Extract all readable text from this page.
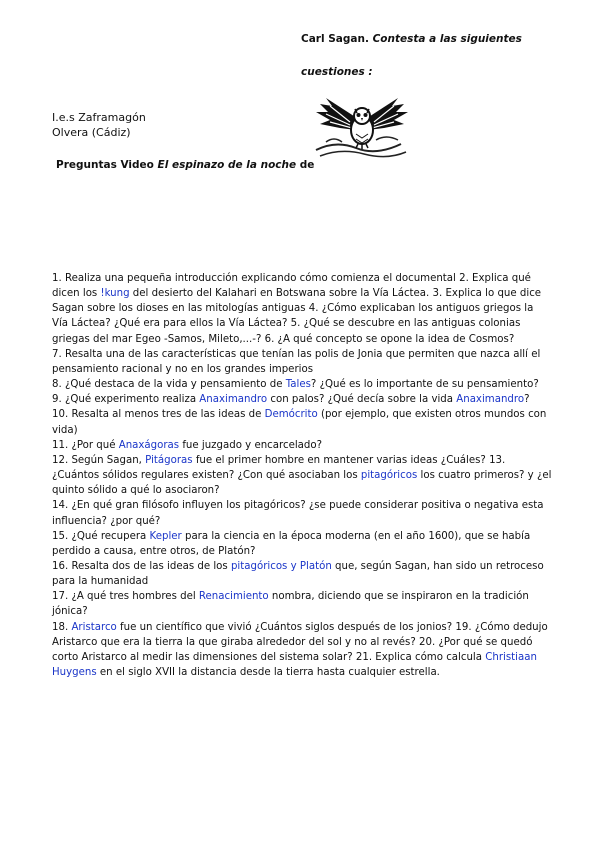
Carl Sagan. Contesta a las siguientes
cuestiones :
I.e.s Zaframagón
Olvera (Cádiz)
Preguntas Video El espinazo de la noche de

1. Realiza una pequeña introducción explicando cómo comienza el documental 2. Explica qué dicen los !kung del desierto del Kalahari en Botswana sobre la Vía Láctea. 3. Explica lo que dice Sagan sobre los dioses en las mitologías antiguas 4. ¿Cómo explicaban los antiguos griegos la Vía Láctea? ¿Qué era para ellos la Vía Láctea? 5. ¿Qué se descubre en las antiguas colonias griegas del mar Egeo -Samos, Mileto,...-? 6. ¿A qué concepto se opone la idea de Cosmos?

7. Resalta una de las características que tenían las polis de Jonia que permiten que nazca allí el pensamiento racional y no en los grandes imperios

8. ¿Qué destaca de la vida y pensamiento de Tales? ¿Qué es lo importante de su pensamiento?

9. ¿Qué experimento realiza Anaximandro con palos? ¿Qué decía sobre la vida Anaximandro?

10. Resalta al menos tres de las ideas de Demócrito (por ejemplo, que existen otros mundos con vida)

11. ¿Por qué Anaxágoras fue juzgado y encarcelado?

12. Según Sagan, Pitágoras fue el primer hombre en mantener varias ideas ¿Cuáles? 13. ¿Cuántos sólidos regulares existen? ¿Con qué asociaban los pitagóricos los cuatro primeros? y ¿el quinto sólido a qué lo asociaron?

14. ¿En qué gran filósofo influyen los pitagóricos? ¿se puede considerar positiva o negativa esta influencia? ¿por qué?

15. ¿Qué recupera Kepler para la ciencia en la época moderna (en el año 1600), que se había perdido a causa, entre otros, de Platón?

16. Resalta dos de las ideas de los pitagóricos y Platón que, según Sagan, han sido un retroceso para la humanidad

17. ¿A qué tres hombres del Renacimiento nombra, diciendo que se inspiraron en la tradición jónica?

18. Aristarco fue un científico que vivió ¿Cuántos siglos después de los jonios? 19. ¿Cómo dedujo Aristarco que era la tierra la que giraba alrededor del sol y no al revés? 20. ¿Por qué se quedó corto Aristarco al medir las dimensiones del sistema solar? 21. Explica cómo calcula Christiaan Huygens en el siglo XVII la distancia desde la tierra hasta cualquier estrella.
